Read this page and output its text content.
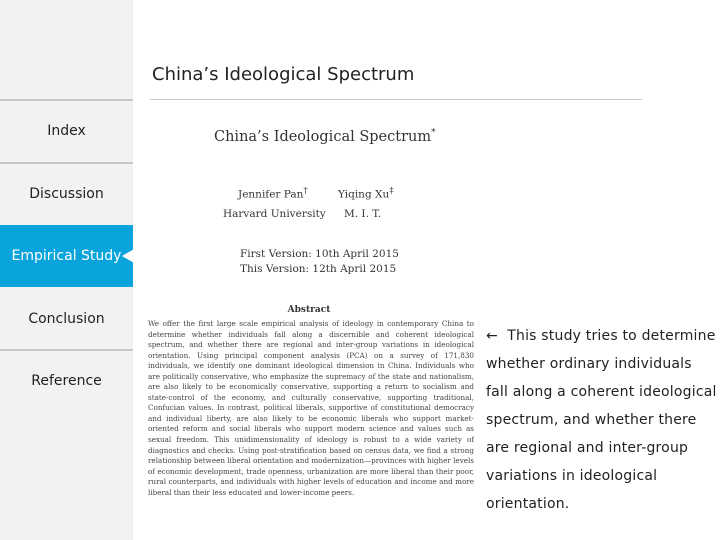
Index
Discussion
Empirical Study
Conclusion
Reference
China’s Ideological Spectrum
China’s Ideological Spectrum*
Jennifer Pan†	Yiqing Xu‡
Harvard University M. I. T.
First Version: 10th April 2015
This Version: 12th April 2015
Abstract
We offer the first large scale empirical analysis of ideology in contemporary China to determine whether individuals fall along a discernible and coherent ideological spectrum, and whether there are regional and inter-group variations in ideological orientation. Using principal component analysis (PCA) on a survey of 171,830 individuals, we identify one dominant ideological dimension in China. Individuals who are politically conservative, who emphasize the supremacy of the state and nationalism, are also likely to be economically conservative, supporting a return to socialism and state-control of the economy, and culturally conservative, supporting traditional, Confucian values. In contrast, political liberals, supportive of constitutional democracy and individual liberty, are also likely to be economic liberals who support market-oriented reform and social liberals who support modern science and values such as sexual freedom. This unidimensionality of ideology is robust to a wide variety of diagnostics and checks. Using post-stratification based on census data, we find a strong relationship between liberal orientation and modernization—provinces with higher levels of economic development, trade openness, urbanization are more liberal than their poor, rural counterparts, and individuals with higher levels of education and income and more liberal than their less educated and lower-income peers.
← This study tries to determine whether ordinary individuals fall along a coherent ideological spectrum, and whether there are regional and inter-group variations in ideological orientation.
